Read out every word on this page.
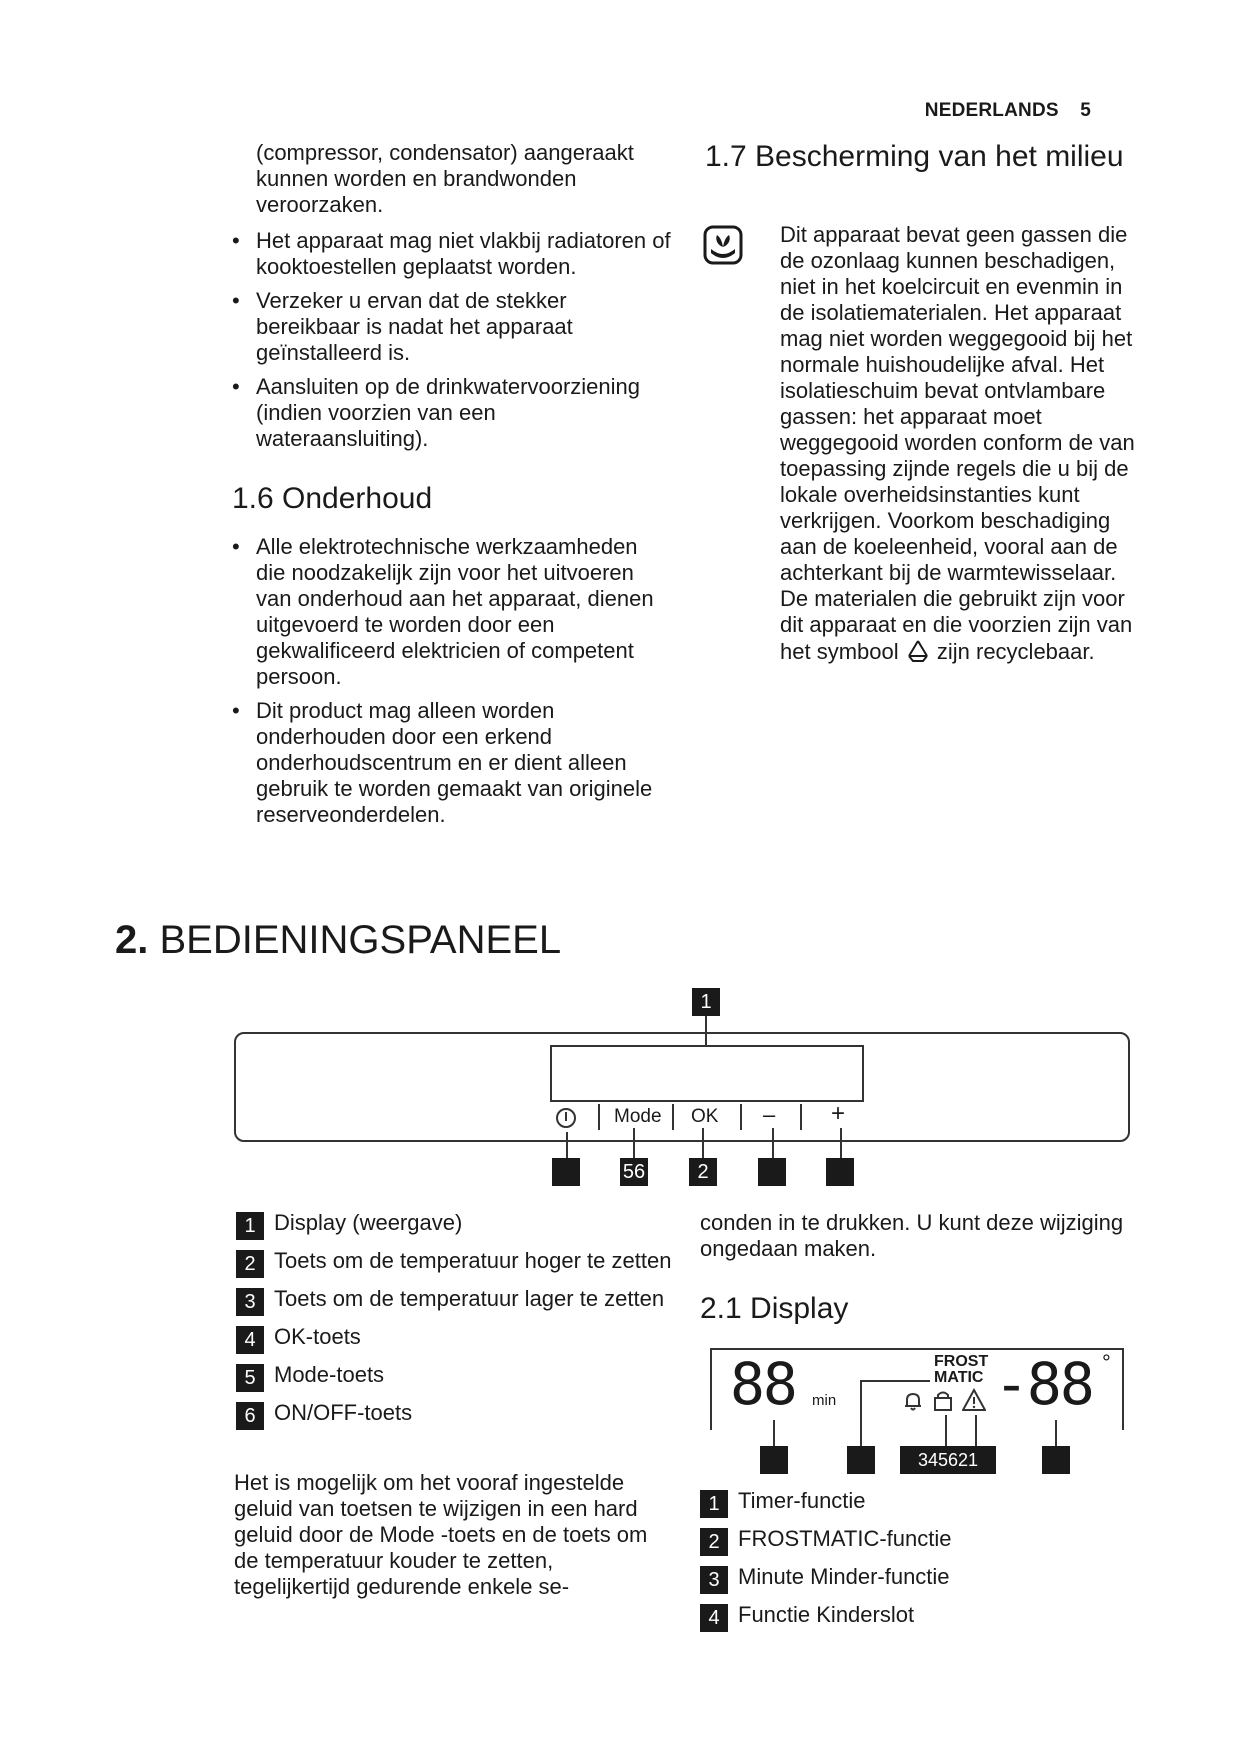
NEDERLANDS 5
(compressor, condensator) aangeraakt kunnen worden en brandwonden veroorzaken.
• Het apparaat mag niet vlakbij radiatoren of kooktoestellen geplaatst worden.
• Verzeker u ervan dat de stekker bereikbaar is nadat het apparaat geïnstalleerd is.
• Aansluiten op de drinkwatervoorziening (indien voorzien van een wateraansluiting).
1.6 Onderhoud
• Alle elektrotechnische werkzaamheden die noodzakelijk zijn voor het uitvoeren van onderhoud aan het apparaat, dienen uitgevoerd te worden door een gekwalificeerd elektricien of competent persoon.
• Dit product mag alleen worden onderhouden door een erkend onderhoudscentrum en er dient alleen gebruik te worden gemaakt van originele reserveonderdelen.
1.7 Bescherming van het milieu
Dit apparaat bevat geen gassen die de ozonlaag kunnen beschadigen, niet in het koelcircuit en evenmin in de isolatiematerialen. Het apparaat mag niet worden weggegooid bij het normale huishoudelijke afval. Het isolatieschuim bevat ontvlambare gassen: het apparaat moet weggegooid worden conform de van toepassing zijnde regels die u bij de lokale overheidsinstanties kunt verkrijgen. Voorkom beschadiging aan de koeleenheid, vooral aan de achterkant bij de warmtewisselaar. De materialen die gebruikt zijn voor dit apparaat en die voorzien zijn van het symbool zijn recyclebaar.
2. BEDIENINGSPANEEL
1
Mode OK – +
56	2
1 Display (weergave)
2 Toets om de temperatuur hoger te zetten
3 Toets om de temperatuur lager te zetten
4 OK-toets
5 Mode-toets
6 ON/OFF-toets
Het is mogelijk om het vooraf ingestelde geluid van toetsen te wijzigen in een hard geluid door de Mode -toets en de toets om de temperatuur kouder te zetten, tegelijkertijd gedurende enkele se-
conden in te drukken. U kunt deze wijziging ongedaan maken.
2.1 Display
88 min
FROST
MATIC -88 °
345621
1 Timer-functie
2 FROSTMATIC-functie
3 Minute Minder-functie
4 Functie Kinderslot
